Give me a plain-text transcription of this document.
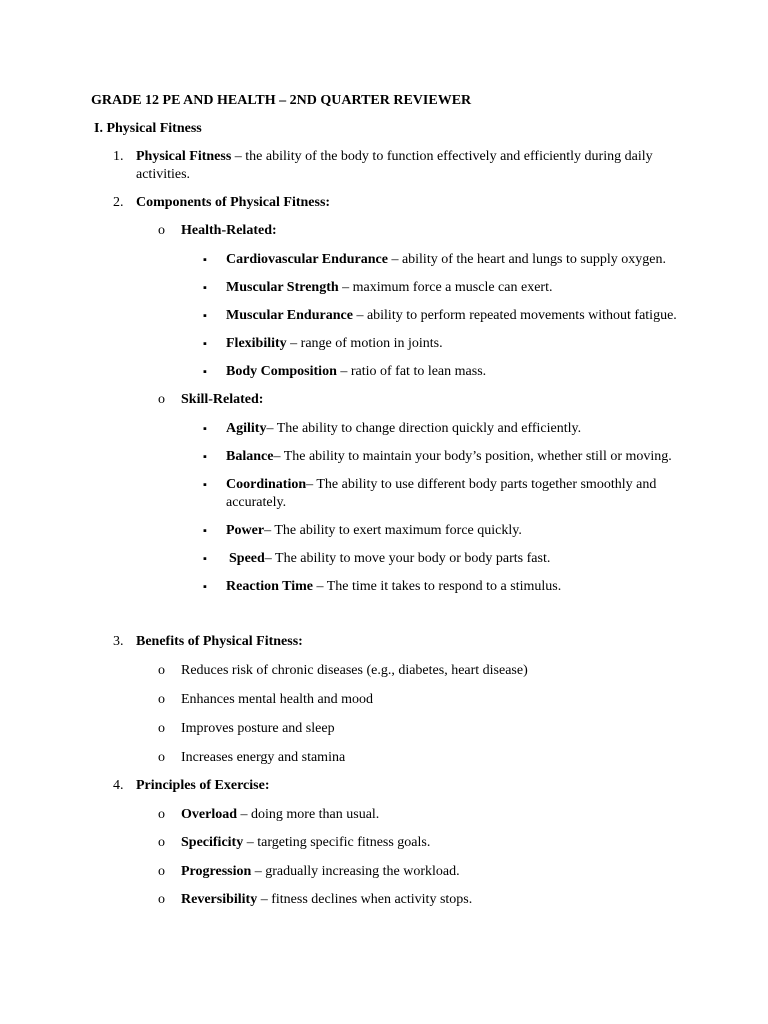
GRADE 12 PE AND HEALTH – 2ND QUARTER REVIEWER
I. Physical Fitness
1. Physical Fitness – the ability of the body to function effectively and efficiently during daily
activities.
2. Components of Physical Fitness:
o Health-Related:
▪ Cardiovascular Endurance – ability of the heart and lungs to supply oxygen.
▪ Muscular Strength – maximum force a muscle can exert.
▪ Muscular Endurance – ability to perform repeated movements without fatigue.
▪ Flexibility – range of motion in joints.
▪ Body Composition – ratio of fat to lean mass.
o Skill-Related:
▪ Agility– The ability to change direction quickly and efficiently.
▪ Balance– The ability to maintain your body’s position, whether still or moving.
▪ Coordination– The ability to use different body parts together smoothly and
accurately.
▪ Power– The ability to exert maximum force quickly.
▪ Speed– The ability to move your body or body parts fast.
▪ Reaction Time – The time it takes to respond to a stimulus.
3. Benefits of Physical Fitness:
o Reduces risk of chronic diseases (e.g., diabetes, heart disease)
o Enhances mental health and mood
o Improves posture and sleep
o Increases energy and stamina
4. Principles of Exercise:
o Overload – doing more than usual.
o Specificity – targeting specific fitness goals.
o Progression – gradually increasing the workload.
o Reversibility – fitness declines when activity stops.
